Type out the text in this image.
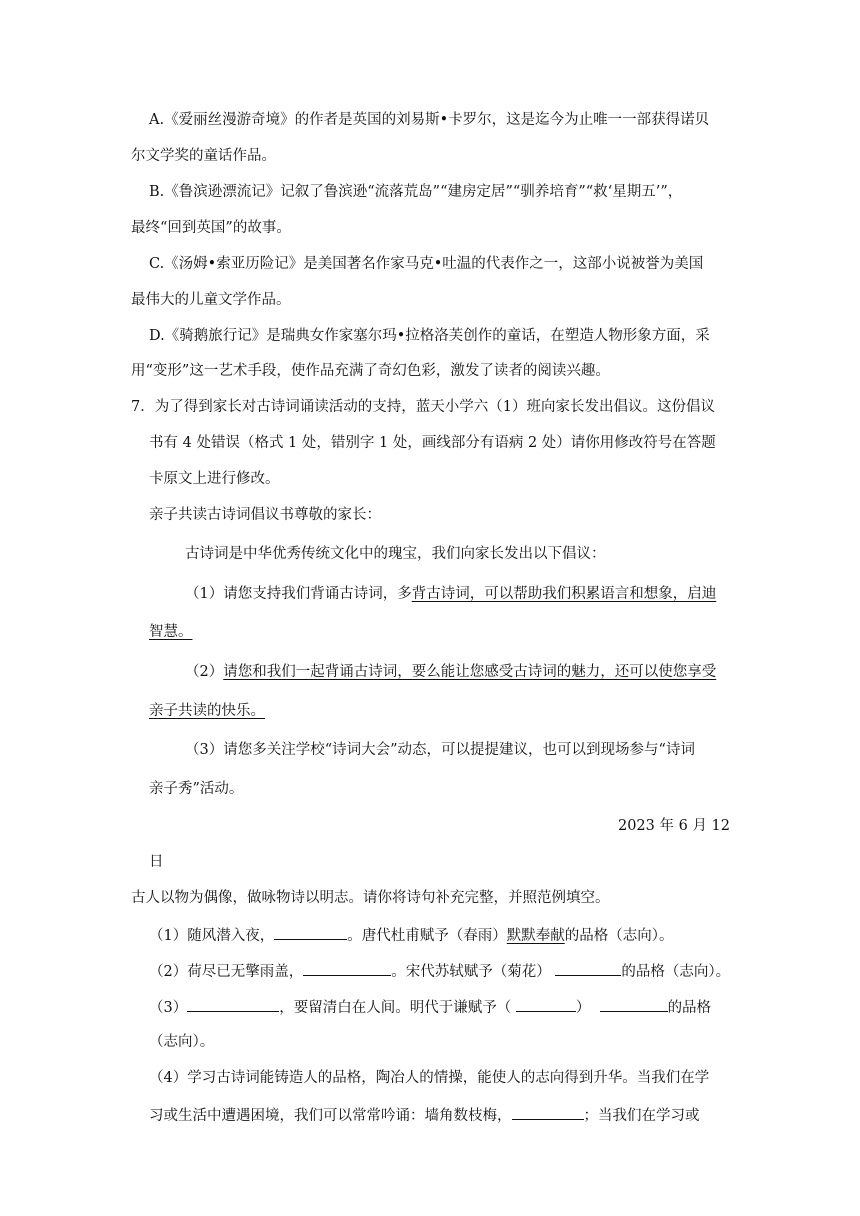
A.《爱丽丝漫游奇境》的作者是英国的刘易斯•卡罗尔，这是迄今为止唯一一部获得诺贝
尔文学奖的童话作品。
B.《鲁滨逊漂流记》记叙了鲁滨逊“流落荒岛”“建房定居”“驯养培育”“救‘星期五’”，
最终“回到英国”的故事。
C.《汤姆•索亚历险记》是美国著名作家马克•吐温的代表作之一，这部小说被誉为美国
最伟大的儿童文学作品。
D.《骑鹅旅行记》是瑞典女作家塞尔玛•拉格洛芙创作的童话，在塑造人物形象方面，采
用“变形”这一艺术手段，使作品充满了奇幻色彩，激发了读者的阅读兴趣。
7．为了得到家长对古诗词诵读活动的支持，蓝天小学六（1）班向家长发出倡议。这份倡议
书有 4 处错误（格式 1 处，错别字 1 处，画线部分有语病 2 处）请你用修改符号在答题
卡原文上进行修改。
亲子共读古诗词倡议书尊敬的家长：
古诗词是中华优秀传统文化中的瑰宝，我们向家长发出以下倡议：
（1）请您支持我们背诵古诗词，多背古诗词，可以帮助我们积累语言和想象，启迪
智慧。
（2）请您和我们一起背诵古诗词，要么能让您感受古诗词的魅力，还可以使您享受
亲子共读的快乐。
（3）请您多关注学校“诗词大会”动态，可以提提建议，也可以到现场参与“诗词
亲子秀”活动。
2023 年 6 月 12
日
古人以物为偶像，做咏物诗以明志。请你将诗句补充完整，并照范例填空。
（1）随风潜入夜，	。唐代杜甫赋予（春雨）默默奉献的品格（志向）。
（2）荷尽已无擎雨盖，	。宋代苏轼赋予（菊花）	的品格（志向）。
（3）	，要留清白在人间。明代于谦赋予（	）	的品格
（志向）。
（4）学习古诗词能铸造人的品格，陶冶人的情操，能使人的志向得到升华。当我们在学
习或生活中遭遇困境，我们可以常常吟诵：墙角数枝梅，	；当我们在学习或
